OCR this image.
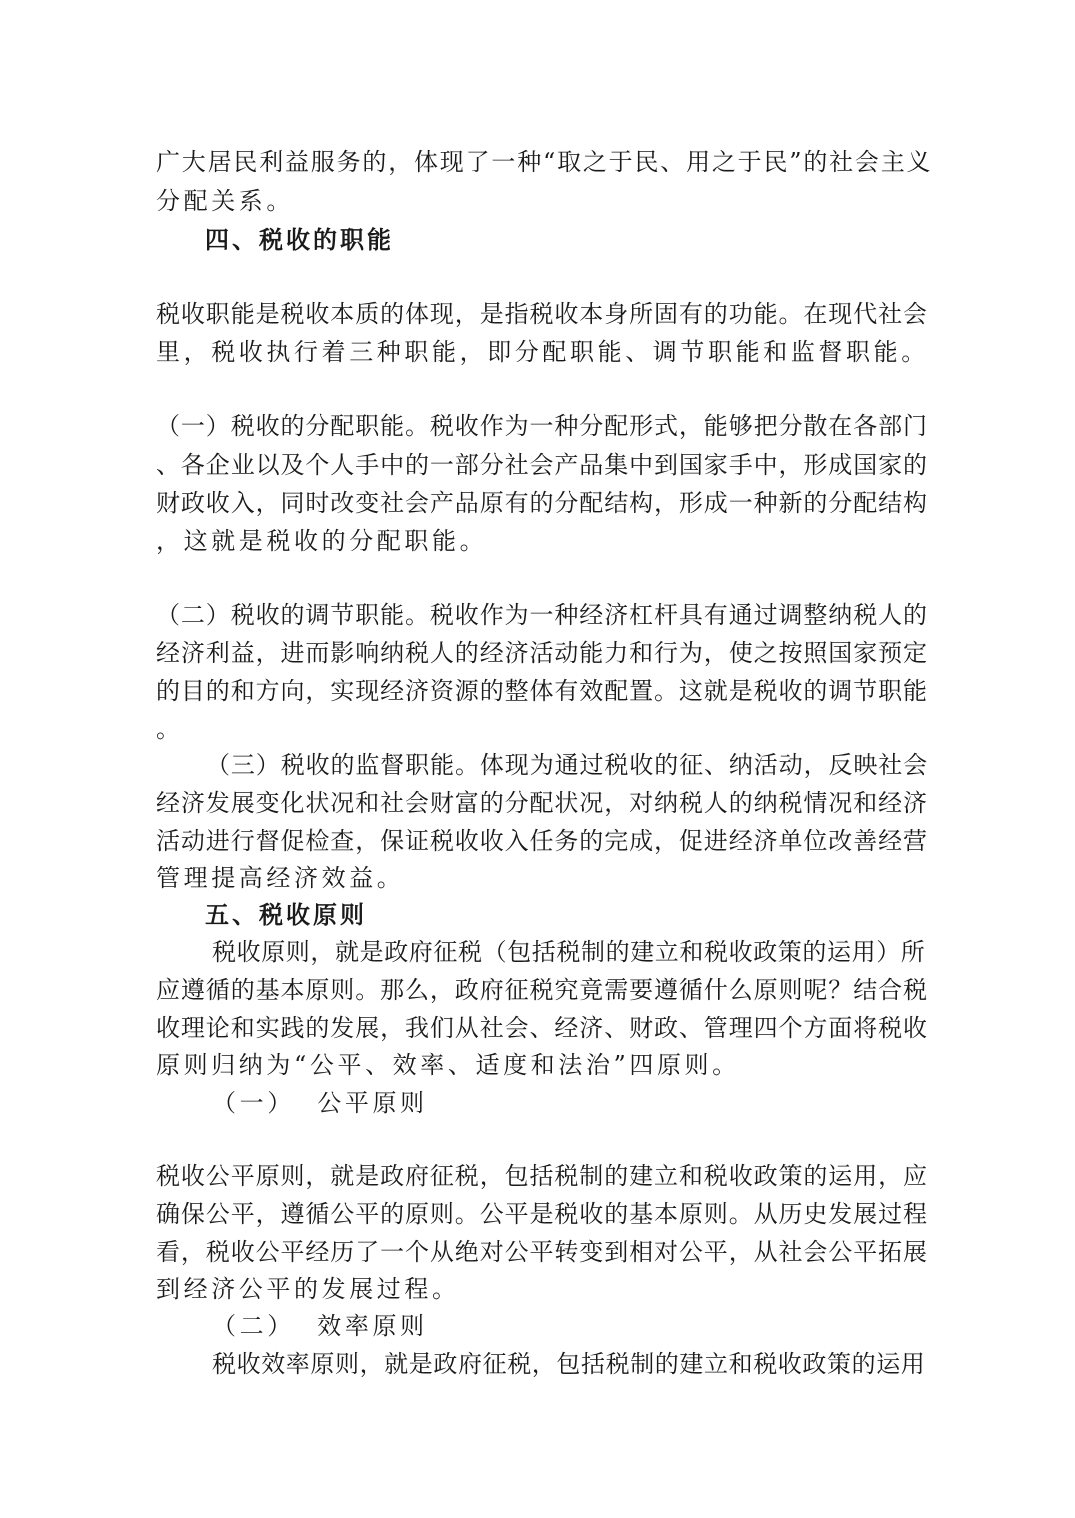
广大居民利益服务的，体现了一种“取之于民、用之于民”的社会主义
分配关系。
四、税收的职能
税收职能是税收本质的体现，是指税收本身所固有的功能。在现代社会
里，税收执行着三种职能，即分配职能、调节职能和监督职能。
（一）税收的分配职能。税收作为一种分配形式，能够把分散在各部门
、各企业以及个人手中的一部分社会产品集中到国家手中，形成国家的
财政收入，同时改变社会产品原有的分配结构，形成一种新的分配结构
，这就是税收的分配职能。
（二）税收的调节职能。税收作为一种经济杠杆具有通过调整纳税人的
经济利益，进而影响纳税人的经济活动能力和行为，使之按照国家预定
的目的和方向，实现经济资源的整体有效配置。这就是税收的调节职能
。
（三）税收的监督职能。体现为通过税收的征、纳活动，反映社会
经济发展变化状况和社会财富的分配状况，对纳税人的纳税情况和经济
活动进行督促检查，保证税收收入任务的完成，促进经济单位改善经营
管理提高经济效益。
五、税收原则
税收原则，就是政府征税（包括税制的建立和税收政策的运用）所
应遵循的基本原则。那么，政府征税究竟需要遵循什么原则呢？结合税
收理论和实践的发展，我们从社会、经济、财政、管理四个方面将税收
原则归纳为“公平、效率、适度和法治”四原则。
（一）  公平原则
税收公平原则，就是政府征税，包括税制的建立和税收政策的运用，应
确保公平，遵循公平的原则。公平是税收的基本原则。从历史发展过程
看，税收公平经历了一个从绝对公平转变到相对公平，从社会公平拓展
到经济公平的发展过程。
（二）  效率原则
税收效率原则，就是政府征税，包括税制的建立和税收政策的运用
